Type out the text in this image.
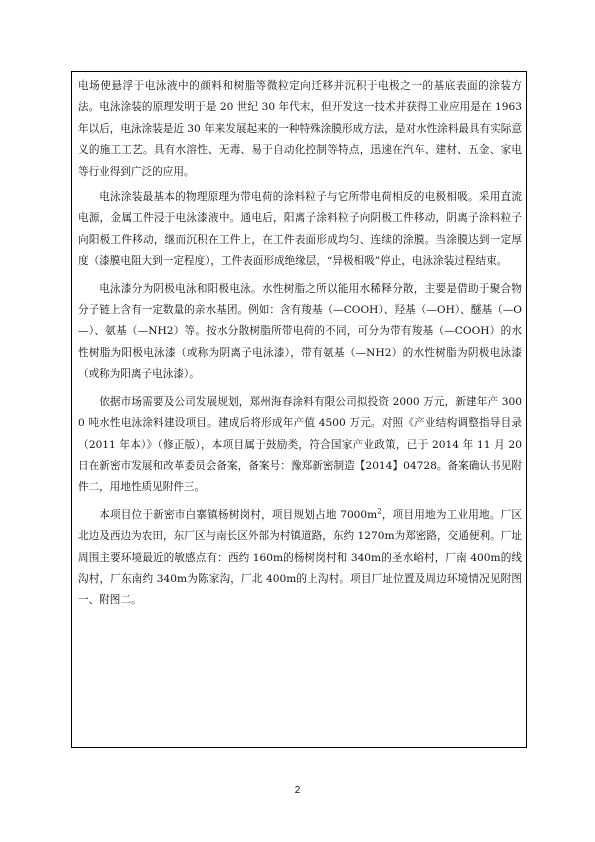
电场使悬浮于电泳液中的颜料和树脂等微粒定向迁移并沉积于电极之一的基底表面的涂装方法。电泳涂装的原理发明于是 20 世纪 30 年代末，但开发这一技术并获得工业应用是在 1963 年以后，电泳涂装是近 30 年来发展起来的一种特殊涂膜形成方法，是对水性涂料最具有实际意义的施工工艺。具有水溶性、无毒、易于自动化控制等特点，迅速在汽车、建材、五金、家电等行业得到广泛的应用。

电泳涂装最基本的物理原理为带电荷的涂料粒子与它所带电荷相反的电极相吸。采用直流电源，金属工件浸于电泳漆液中。通电后，阳离子涂料粒子向阴极工件移动，阴离子涂料粒子向阳极工件移动，继而沉积在工件上，在工件表面形成均匀、连续的涂膜。当涂膜达到一定厚度（漆膜电阻大到一定程度），工件表面形成绝缘层，“异极相吸”停止，电泳涂装过程结束。

电泳漆分为阴极电泳和阳极电泳。水性树脂之所以能用水稀释分散，主要是借助于聚合物分子链上含有一定数量的亲水基团。例如：含有羧基（—COOH）、羟基（—OH）、醚基（—O—）、氨基（—NH2）等。按水分散树脂所带电荷的不同，可分为带有羧基（—COOH）的水性树脂为阳极电泳漆（或称为阴离子电泳漆），带有氨基（—NH2）的水性树脂为阴极电泳漆（或称为阳离子电泳漆）。

依据市场需要及公司发展规划，郑州海春涂料有限公司拟投资 2000 万元，新建年产 3000 吨水性电泳涂料建设项目。建成后将形成年产值 4500 万元。对照《产业结构调整指导目录（2011 年本）》（修正版），本项目属于鼓励类，符合国家产业政策，已于 2014 年 11 月 20 日在新密市发展和改革委员会备案，备案号：豫郑新密制造【2014】04728。备案确认书见附件二，用地性质见附件三。

本项目位于新密市白寨镇杨树岗村，项目规划占地 $7000m^2$，项目用地为工业用地。厂区北边及西边为农田，东厂区与南长区外部为村镇道路，东约 1270m为郑密路，交通便利。厂址周围主要环境最近的敏感点有：西约 160m的杨树岗村和 340m的圣水峪村，厂南 400m的线沟村，厂东南约 340m为陈家沟，厂北 400m的上沟村。项目厂址位置及周边环境情况见附图一、附图二。

2
